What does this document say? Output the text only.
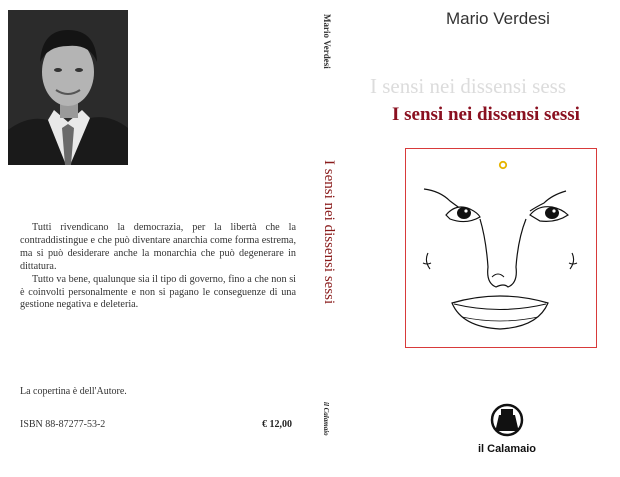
Tutti rivendicano la democrazia, per la libertà che la contraddistingue e che può diventare anarchia come forma estrema, ma si può desiderare anche la monarchia che può degenerare in dittatura.

Tutto va bene, qualunque sia il tipo di governo, fino a che non si è coinvolti personalmente e non si pagano le conseguenze di una gestione negativa e deleteria.

La copertina è dell'Autore.
ISBN 88-87277-53-2	€ 12,00
Mario Verdesi
I sensi nei dissensi sessi
il Calamaio
Mario Verdesi
I sensi nei dissensi sess
I sensi nei dissensi sessi
il Calamaio
